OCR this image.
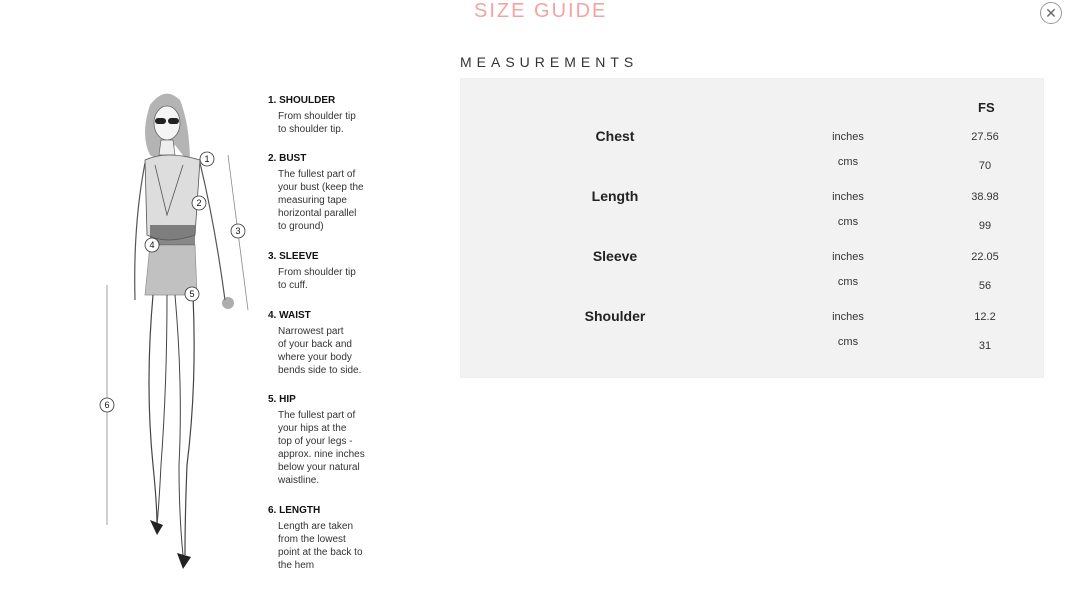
SIZE GUIDE	✕
1
2
3
4
5
6
1. SHOULDER
From shoulder tip
to shoulder tip.
2. BUST
The fullest part of
your bust (keep the
measuring tape
horizontal parallel
to ground)
3. SLEEVE
From shoulder tip
to cuff.
4. WAIST
Narrowest part
of your back and
where your body
bends side to side.
5. HIP
The fullest part of
your hips at the
top of your legs -
approx. nine inches
below your natural
waistline.
6. LENGTH
Length are taken
from the lowest
point at the back to
the hem
MEASUREMENTS
FS
Chest	inches	27.56
cms	70
Length	inches	38.98
cms	99
Sleeve	inches	22.05
cms	56
Shoulder	inches	12.2
cms	31
